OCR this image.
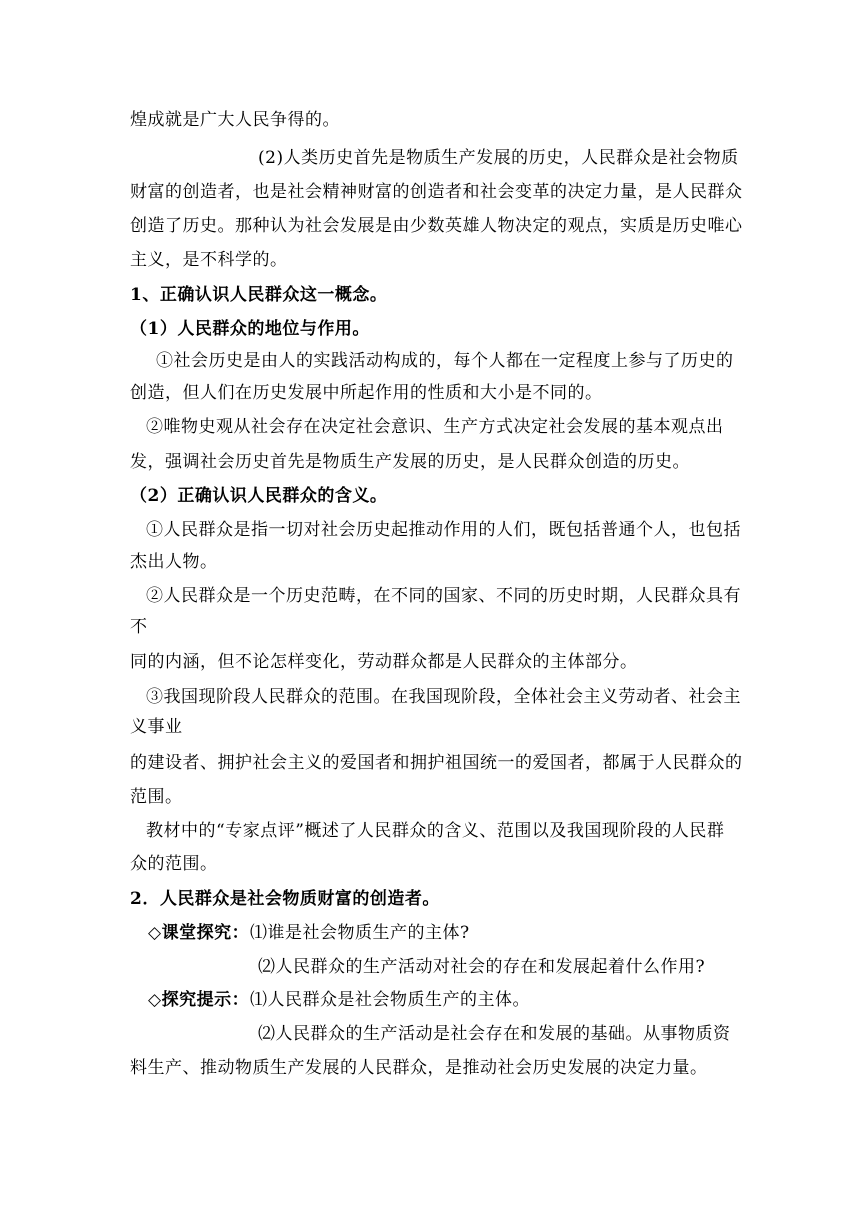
煌成就是广大人民争得的。
(2)人类历史首先是物质生产发展的历史，人民群众是社会物质
财富的创造者，也是社会精神财富的创造者和社会变革的决定力量，是人民群众
创造了历史。那种认为社会发展是由少数英雄人物决定的观点，实质是历史唯心
主义，是不科学的。
1、正确认识人民群众这一概念。
（1）人民群众的地位与作用。
①社会历史是由人的实践活动构成的，每个人都在一定程度上参与了历史的
创造，但人们在历史发展中所起作用的性质和大小是不同的。
②唯物史观从社会存在决定社会意识、生产方式决定社会发展的基本观点出
发，强调社会历史首先是物质生产发展的历史，是人民群众创造的历史。
（2）正确认识人民群众的含义。
①人民群众是指一切对社会历史起推动作用的人们，既包括普通个人，也包括
杰出人物。
②人民群众是一个历史范畴，在不同的国家、不同的历史时期，人民群众具有
不
同的内涵，但不论怎样变化，劳动群众都是人民群众的主体部分。
③我国现阶段人民群众的范围。在我国现阶段，全体社会主义劳动者、社会主
义事业
的建设者、拥护社会主义的爱国者和拥护祖国统一的爱国者，都属于人民群众的
范围。
教材中的“专家点评”概述了人民群众的含义、范围以及我国现阶段的人民群
众的范围。
2．人民群众是社会物质财富的创造者。
◇课堂探究： ⑴谁是社会物质生产的主体?
⑵人民群众的生产活动对社会的存在和发展起着什么作用?
◇探究提示： ⑴人民群众是社会物质生产的主体。
⑵人民群众的生产活动是社会存在和发展的基础。从事物质资
料生产、推动物质生产发展的人民群众，是推动社会历史发展的决定力量。
